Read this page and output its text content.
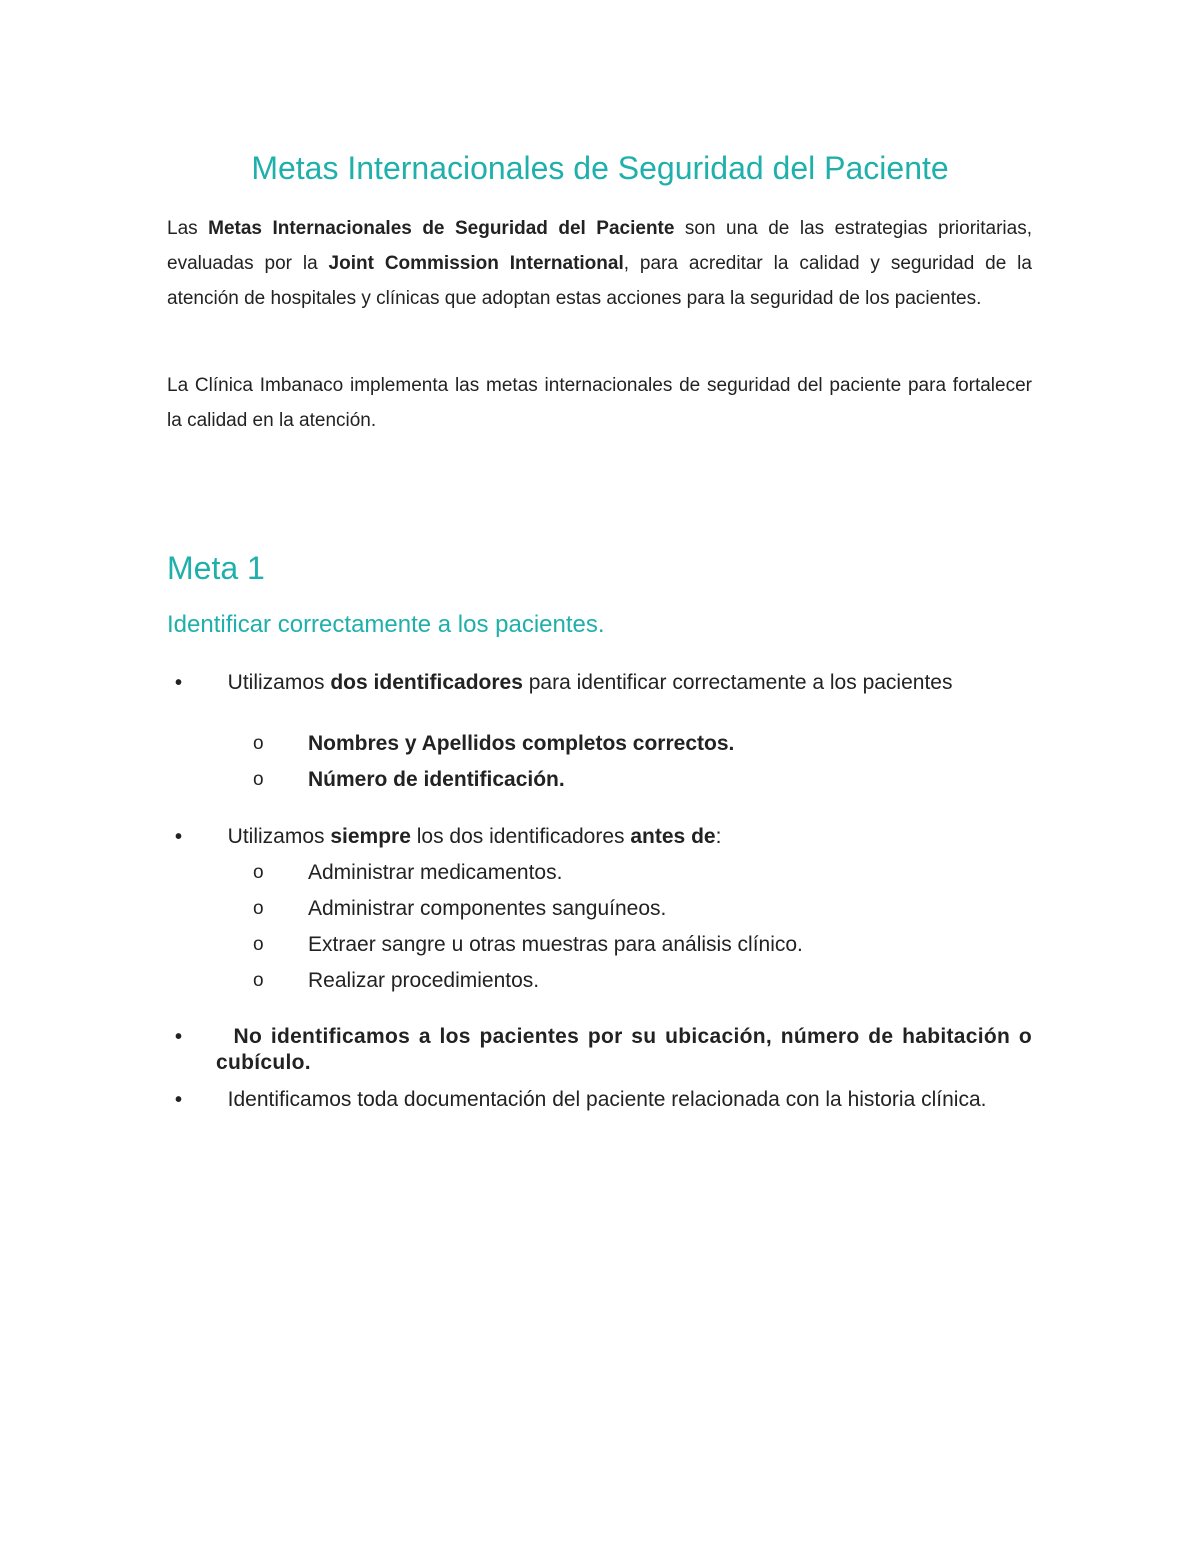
Metas Internacionales de Seguridad del Paciente

Las Metas Internacionales de Seguridad del Paciente son una de las estrategias prioritarias, evaluadas por la Joint Commission International, para acreditar la calidad y seguridad de la atención de hospitales y clínicas que adoptan estas acciones para la seguridad de los pacientes.

La Clínica Imbanaco implementa las metas internacionales de seguridad del paciente para fortalecer la calidad en la atención.

Meta 1
Identificar correctamente a los pacientes.
•	Utilizamos dos identificadores para identificar correctamente a los pacientes
o Nombres y Apellidos completos correctos.
o Número de identificación.
•	Utilizamos siempre los dos identificadores antes de:
o Administrar medicamentos.
o Administrar componentes sanguíneos.
o Extraer sangre u otras muestras para análisis clínico.
o Realizar procedimientos.
•	No identificamos a los pacientes por su ubicación, número de habitación o cubículo.
•	Identificamos toda documentación del paciente relacionada con la historia clínica.
